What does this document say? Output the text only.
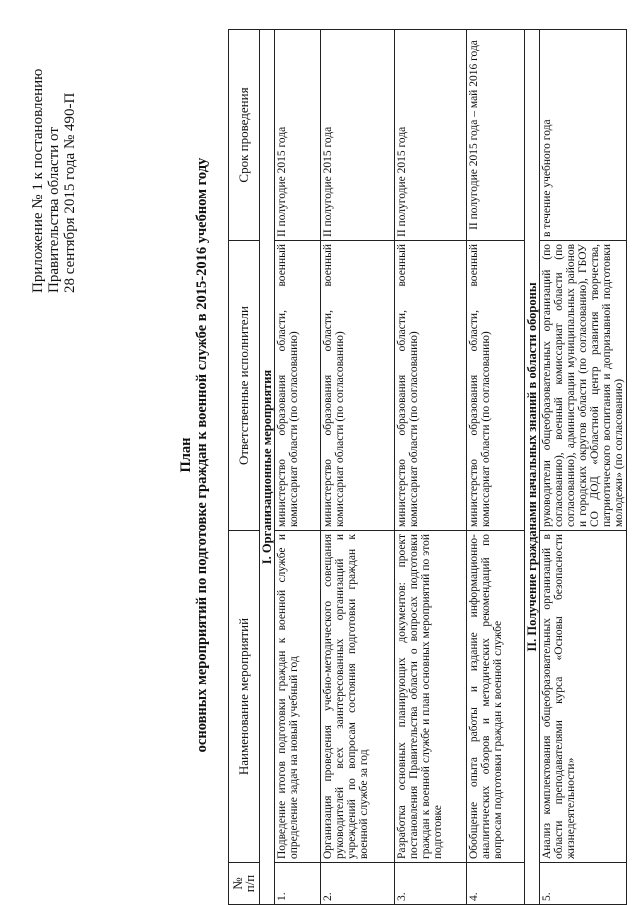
Приложение № 1 к постановлению Правительства области от 28 сентября 2015 года № 490-П
План основных мероприятий по подготовке граждан к военной службе в 2015-2016 учебном году
№
п/п	Наименование мероприятий	Ответственные исполнители	Срок проведения
I. Организационные мероприятия			
1.	Подведение итогов подготовки граждан к военной службе и определение задач на новый учебный год	министерство образования области, военный комиссариат области (по согласованию)	II полугодие 2015 года
2.	Организация проведения учебно-методического совещания руководителей всех заинтересованных организаций и учреждений по вопросам состояния подготовки граждан к военной службе за год	министерство образования области, военный комиссариат области (по согласованию)	II полугодие 2015 года
3.	Разработка основных планирующих документов: проект постановления Правительства области о вопросах подготовки граждан к военной службе и план основных мероприятий по этой подготовке	министерство образования области, военный комиссариат области (по согласованию)	II полугодие 2015 года
4.	Обобщение опыта работы и издание информационно-аналитических обзоров и методических рекомендаций по вопросам подготовки граждан к военной службе	министерство образования области, военный комиссариат области (по согласованию)	II полугодие 2015 года – май 2016 года
II. Получение гражданами начальных знаний в области обороны			
5.	Анализ комплектования общеобразовательных организаций в области преподавателями курса «Основы безопасности жизнедеятельности»	руководители общеобразовательных организаций (по согласованию), военный комиссариат области (по согласованию), администрации муниципальных районов и городских округов области (по согласованию), ГБОУ СО ДОД «Областной центр развития творчества, патриотического воспитания и допризывной подготовки молодежи» (по согласованию)	в течение учебного года
